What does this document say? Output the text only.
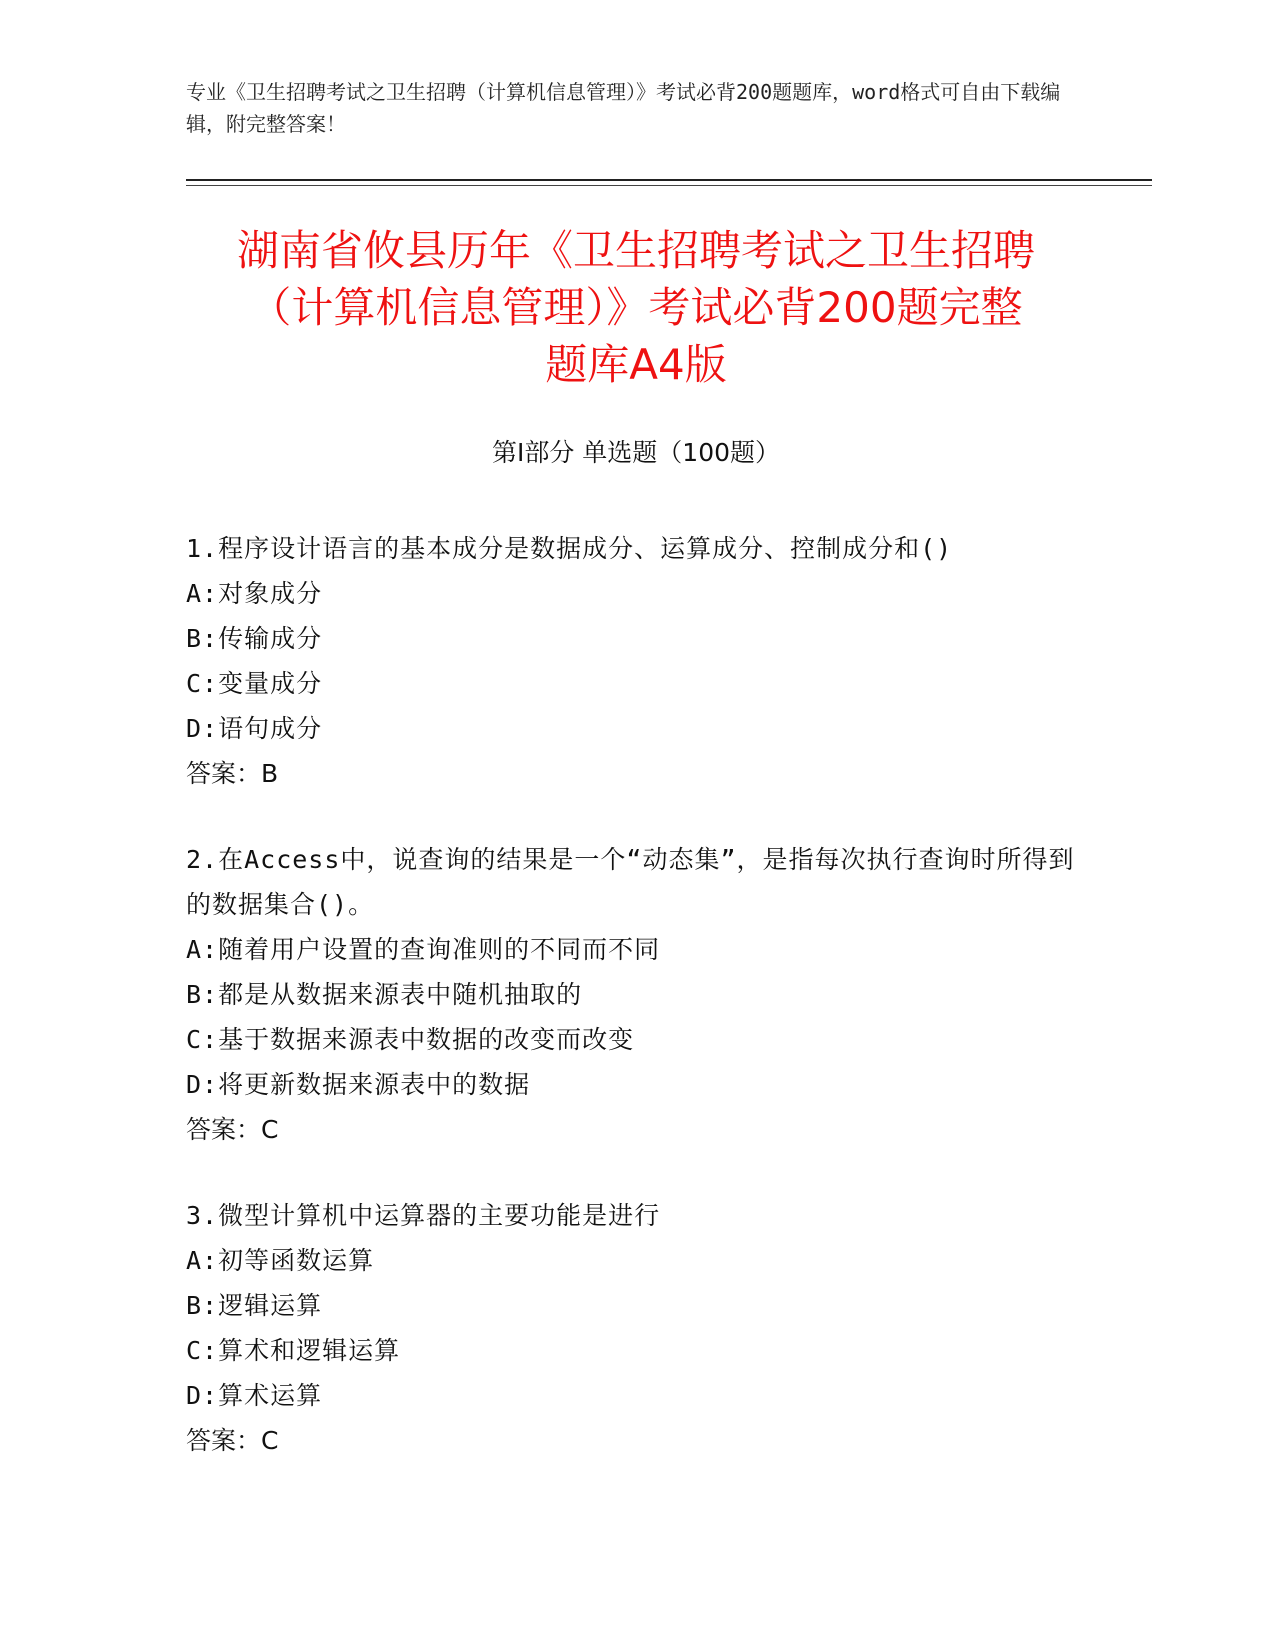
专业《卫生招聘考试之卫生招聘（计算机信息管理）》考试必背200题题库，word格式可自由下载编辑，附完整答案！
湖南省攸县历年《卫生招聘考试之卫生招聘
（计算机信息管理）》考试必背200题完整
题库A4版
第Ⅰ部分 单选题（100题）
1.程序设计语言的基本成分是数据成分、运算成分、控制成分和()
A:对象成分
B:传输成分
C:变量成分
D:语句成分
答案：B
2.在Access中，说查询的结果是一个“动态集”，是指每次执行查询时所得到的数据集合()。
A:随着用户设置的查询准则的不同而不同
B:都是从数据来源表中随机抽取的
C:基于数据来源表中数据的改变而改变
D:将更新数据来源表中的数据
答案：C
3.微型计算机中运算器的主要功能是进行
A:初等函数运算
B:逻辑运算
C:算术和逻辑运算
D:算术运算
答案：C
